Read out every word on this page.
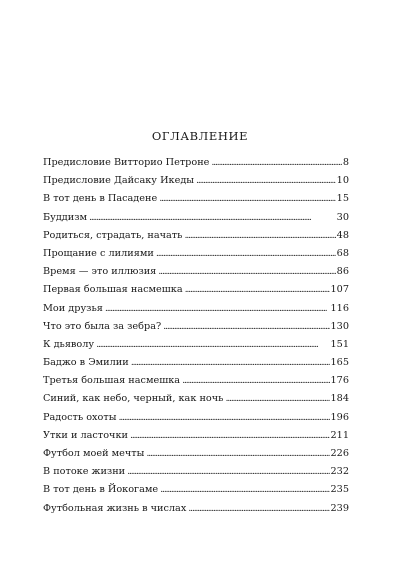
ОГЛАВЛЕНИЕ
Предисловие Витторио Петроне . . .	8
Предисловие Дайсаку Икеды . . .	10
В тот день в Пасадене . . .	15
Буддизм . . .	30
Родиться, страдать, начать . . .	48
Прощание с лилиями . . .	68
Время — это иллюзия . . .	86
Первая большая насмешка . . .	107
Мои друзья . . .	116
Что это была за зебра? . . .	130
К дьяволу . . .	151
Баджо в Эмилии . . .	165
Третья большая насмешка . . .	176
Синий, как небо, черный, как ночь . . .	184
Радость охоты . . .	196
Утки и ласточки . . .	211
Футбол моей мечты . . .	226
В потоке жизни . . .	232
В тот день в Йокогаме . . .	235
Футбольная жизнь в числах . . .	239
